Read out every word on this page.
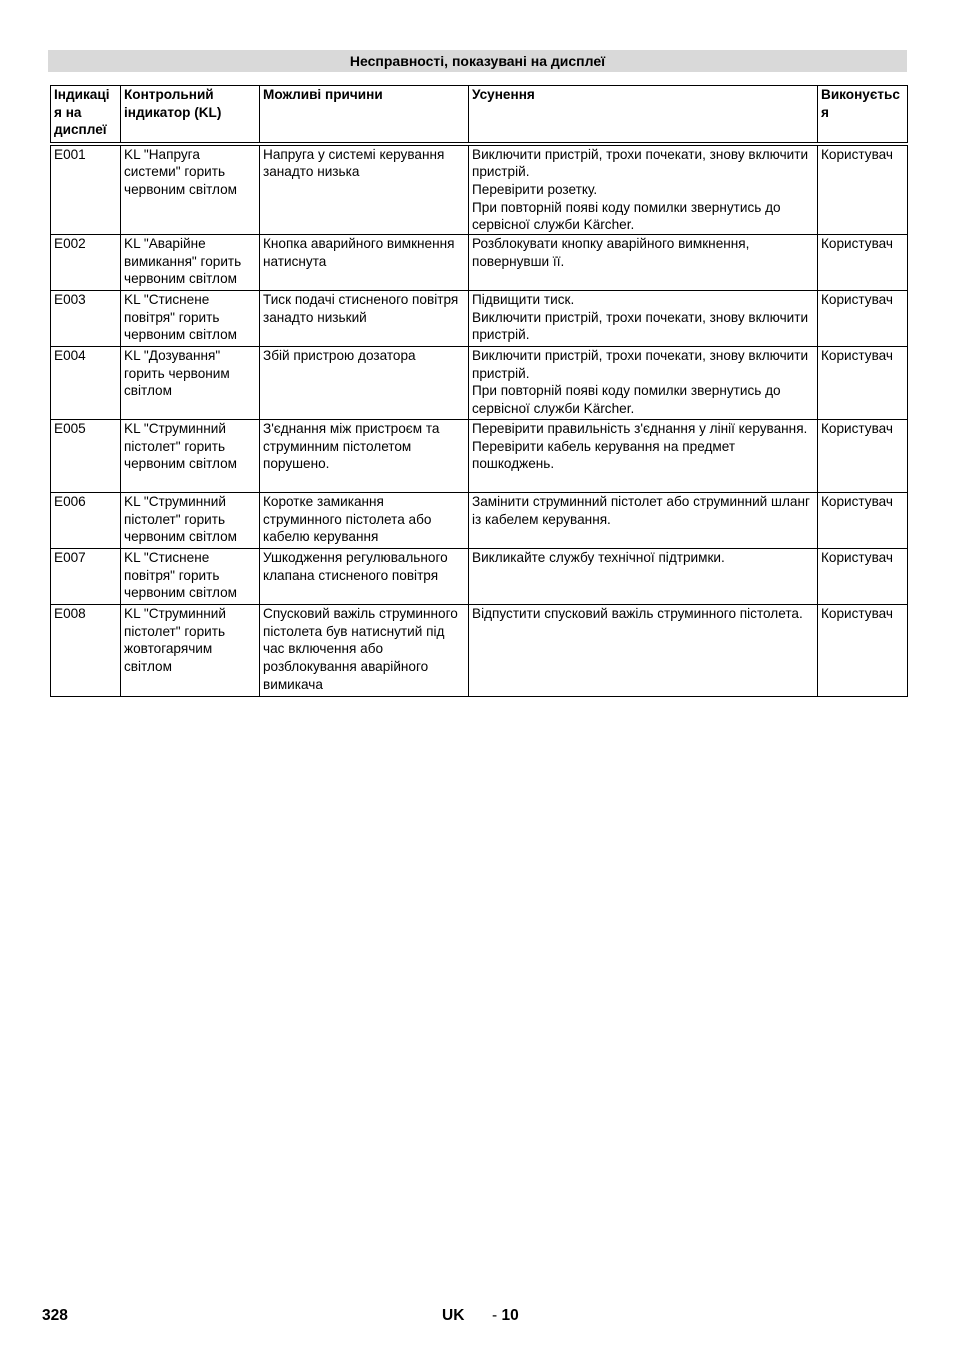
Несправності, показувані на дисплеї
Індикаці я на дисплеї	Контрольний індикатор (KL)	Можливі причини	Усунення	Виконується
E001	KL "Напруга системи" горить червоним світлом	Напруга у системі керування занадто низька	Виключити пристрій, трохи почекати, знову включити пристрій.
Перевірити розетку.
При повторній появі коду помилки звернутись до сервісної служби Kärcher.	Користувач
E002	KL "Аварійне вимикання" горить червоним світлом	Кнопка аварийного вимкнення натиснута	Розблокувати кнопку аварійного вимкнення, повернувши її.	Користувач
E003	KL "Стиснене повітря" горить червоним світлом	Тиск подачі стисненого повітря занадто низький	Підвищити тиск.
Виключити пристрій, трохи почекати, знову включити пристрій.	Користувач
E004	KL "Дозування" горить червоним світлом	Збій пристрою дозатора	Виключити пристрій, трохи почекати, знову включити пристрій.
При повторній появі коду помилки звернутись до сервісної служби Kärcher.	Користувач
E005	KL "Струминний пістолет" горить червоним світлом	З'єднання між пристроєм та струминним пістолетом порушено.	Перевірити правильність з'єднання у лінії керування.
Перевірити кабель керування на предмет пошкоджень.	Користувач
E006	KL "Струминний пістолет" горить червоним світлом	Коротке замикання струминного пістолета або кабелю керування	Замінити струминний пістолет або струминний шланг із кабелем керування.	Користувач
E007	KL "Стиснене повітря" горить червоним світлом	Ушкодження регулювального клапана стисненого повітря	Викликайте службу технічної підтримки.	Користувач
E008	KL "Струминний пістолет" горить жовтогарячим світлом	Спусковий важіль струминного пістолета був натиснутий під час включення або розблокування аварійного вимикача	Відпустити спусковий важіль струминного пістолета.	Користувач
328	UK - 10
